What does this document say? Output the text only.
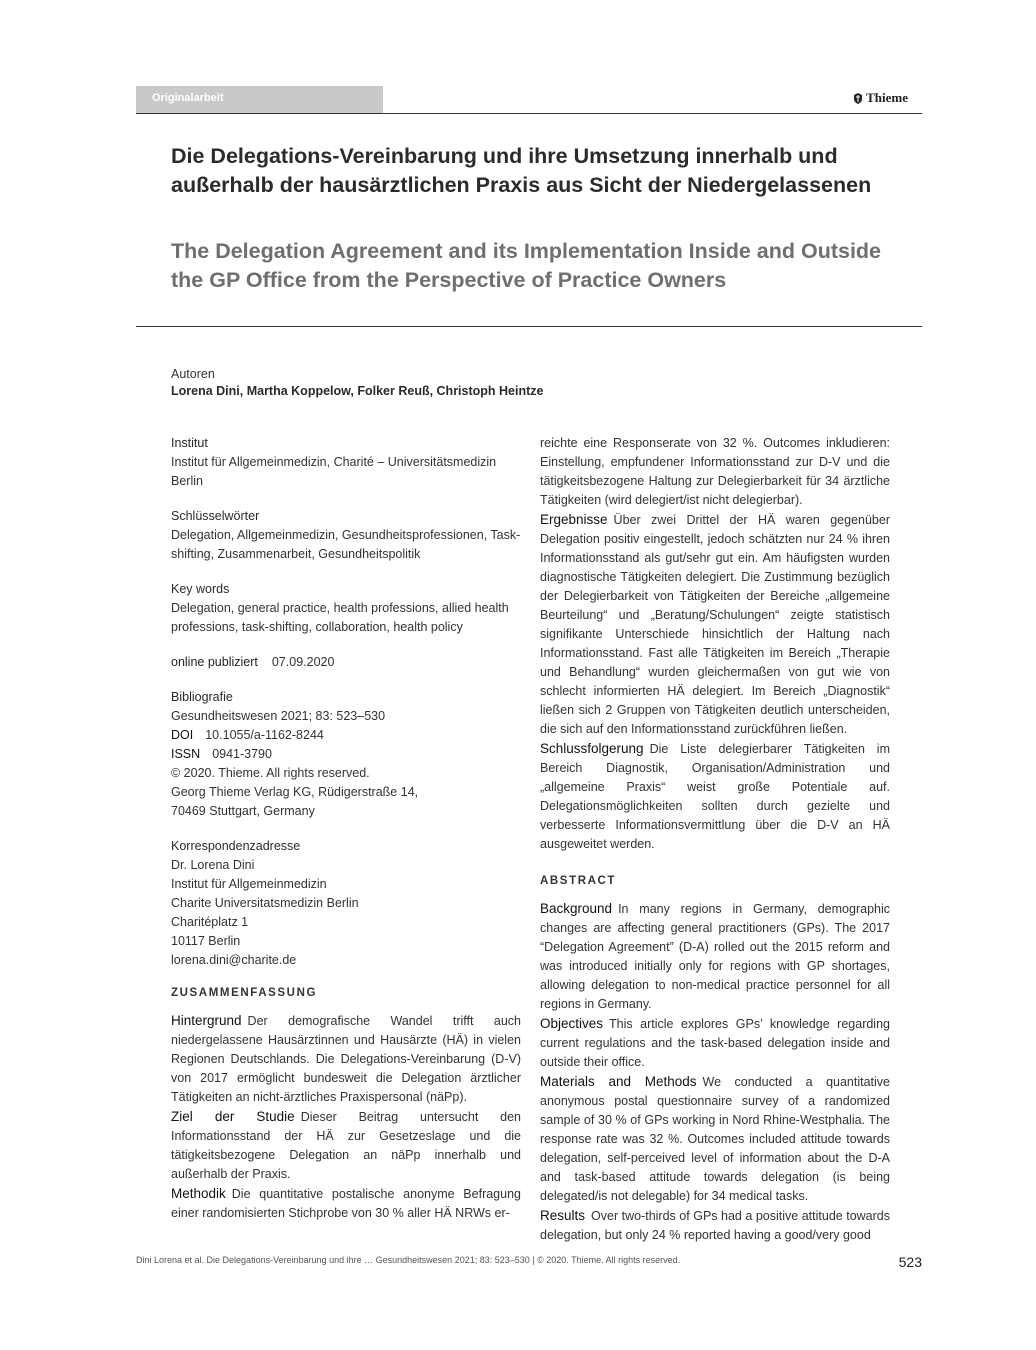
Originalarbeit	Thieme
Die Delegations-Vereinbarung und ihre Umsetzung innerhalb und außerhalb der hausärztlichen Praxis aus Sicht der Niedergelassenen
The Delegation Agreement and its Implementation Inside and Outside the GP Office from the Perspective of Practice Owners
Autoren
Lorena Dini, Martha Koppelow, Folker Reuß, Christoph Heintze

Institut

Institut für Allgemeinmedizin, Charité – Universitätsmedizin Berlin

Schlüsselwörter

Delegation, Allgemeinmedizin, Gesundheitsprofessionen, Task-shifting, Zusammenarbeit, Gesundheitspolitik

Key words

Delegation, general practice, health professions, allied health professions, task-shifting, collaboration, health policy

online publiziert 07.09.2020

Bibliografie

Gesundheitswesen 2021; 83: 523–530

DOI 10.1055/a-1162-8244

ISSN 0941-3790

© 2020. Thieme. All rights reserved.

Georg Thieme Verlag KG, Rüdigerstraße 14,

70469 Stuttgart, Germany

Korrespondenzadresse

Dr. Lorena Dini

Institut für Allgemeinmedizin

Charite Universitatsmedizin Berlin

Charitéplatz 1

10117 Berlin

lorena.dini@charite.de

ZUSAMMENFASSUNG

Hintergrund Der demografische Wandel trifft auch niedergelassene Hausärztinnen und Hausärzte (HÄ) in vielen Regionen Deutschlands. Die Delegations-Vereinbarung (D-V) von 2017 ermöglicht bundesweit die Delegation ärztlicher Tätigkeiten an nicht-ärztliches Praxispersonal (näPp).

Ziel der Studie Dieser Beitrag untersucht den Informationsstand der HÄ zur Gesetzeslage und die tätigkeitsbezogene Delegation an näPp innerhalb und außerhalb der Praxis.

Methodik Die quantitative postalische anonyme Befragung einer randomisierten Stichprobe von 30 % aller HÄ NRWs er-

reichte eine Responserate von 32 %. Outcomes inkludieren: Einstellung, empfundener Informationsstand zur D-V und die tätigkeitsbezogene Haltung zur Delegierbarkeit für 34 ärztliche Tätigkeiten (wird delegiert/ist nicht delegierbar).

Ergebnisse Über zwei Drittel der HÄ waren gegenüber Delegation positiv eingestellt, jedoch schätzten nur 24 % ihren Informationsstand als gut/sehr gut ein. Am häufigsten wurden diagnostische Tätigkeiten delegiert. Die Zustimmung bezüglich der Delegierbarkeit von Tätigkeiten der Bereiche „allgemeine Beurteilung“ und „Beratung/Schulungen“ zeigte statistisch signifikante Unterschiede hinsichtlich der Haltung nach Informationsstand. Fast alle Tätigkeiten im Bereich „Therapie und Behandlung“ wurden gleichermaßen von gut wie von schlecht informierten HÄ delegiert. Im Bereich „Diagnostik“ ließen sich 2 Gruppen von Tätigkeiten deutlich unterscheiden, die sich auf den Informationsstand zurückführen ließen.

Schlussfolgerung Die Liste delegierbarer Tätigkeiten im Bereich Diagnostik, Organisation/Administration und „allgemeine Praxis“ weist große Potentiale auf. Delegationsmöglichkeiten sollten durch gezielte und verbesserte Informationsvermittlung über die D-V an HÄ ausgeweitet werden.

ABSTRACT

Background In many regions in Germany, demographic changes are affecting general practitioners (GPs). The 2017 “Delegation Agreement” (D-A) rolled out the 2015 reform and was introduced initially only for regions with GP shortages, allowing delegation to non-medical practice personnel for all regions in Germany.

Objectives This article explores GPs’ knowledge regarding current regulations and the task-based delegation inside and outside their office.

Materials and Methods We conducted a quantitative anonymous postal questionnaire survey of a randomized sample of 30 % of GPs working in Nord Rhine-Westphalia. The response rate was 32 %. Outcomes included attitude towards delegation, self-perceived level of information about the D-A and task-based attitude towards delegation (is being delegated/is not delegable) for 34 medical tasks.

Results Over two-thirds of GPs had a positive attitude towards delegation, but only 24 % reported having a good/very good

Dini Lorena et al. Die Delegations-Vereinbarung und ihre … Gesundheitswesen 2021; 83: 523–530 | © 2020. Thieme. All rights reserved.	523
